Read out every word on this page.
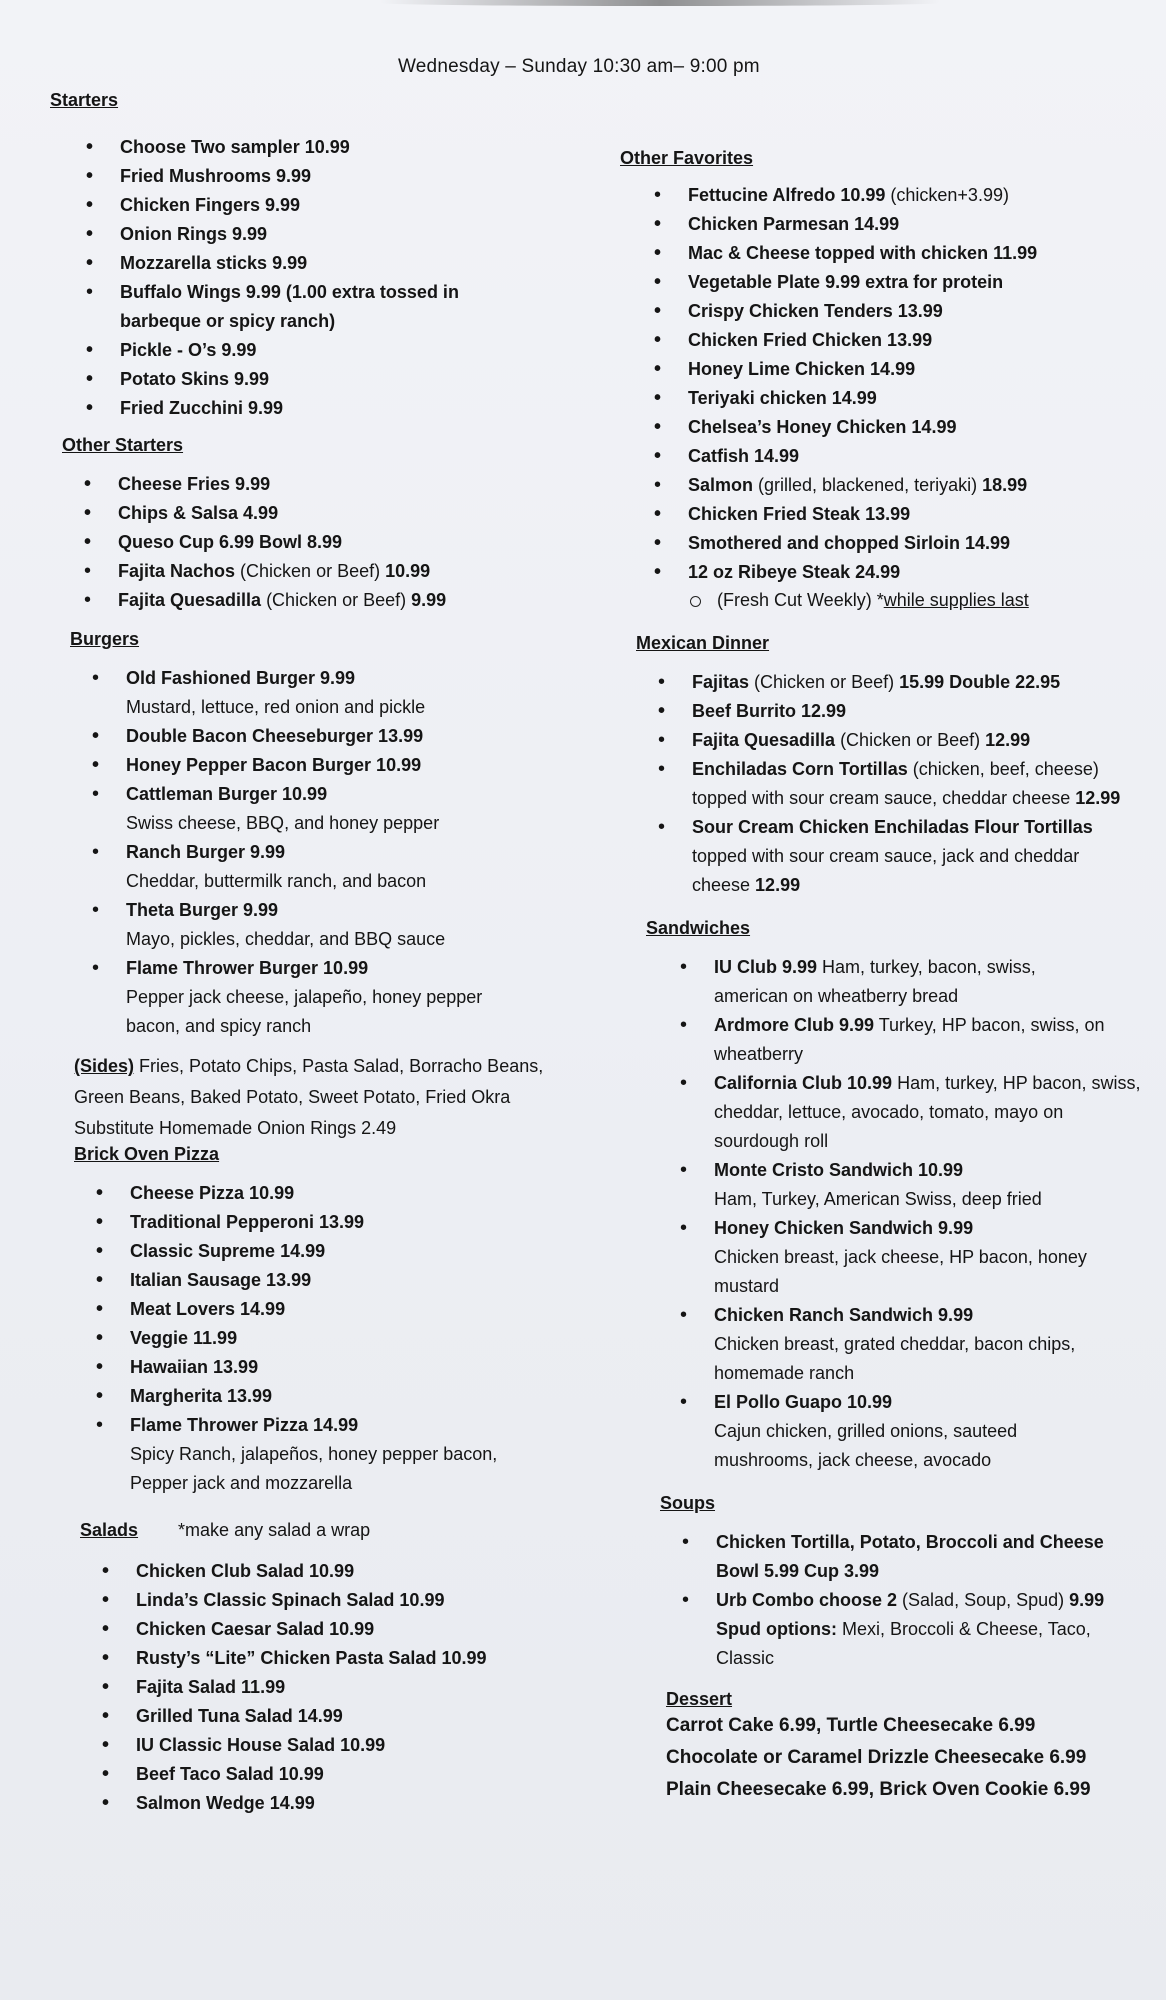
Wednesday – Sunday 10:30 am– 9:00 pm
Starters
• Choose Two sampler 10.99
• Fried Mushrooms 9.99
• Chicken Fingers 9.99
• Onion Rings 9.99
• Mozzarella sticks 9.99
• Buffalo Wings 9.99 (1.00 extra tossed in barbeque or spicy ranch)
• Pickle - O’s 9.99
• Potato Skins 9.99
• Fried Zucchini 9.99
Other Starters
• Cheese Fries 9.99
• Chips & Salsa 4.99
• Queso Cup 6.99 Bowl 8.99
• Fajita Nachos (Chicken or Beef) 10.99
• Fajita Quesadilla (Chicken or Beef) 9.99
Burgers
• Old Fashioned Burger 9.99
Mustard, lettuce, red onion and pickle
• Double Bacon Cheeseburger 13.99
• Honey Pepper Bacon Burger 10.99
• Cattleman Burger 10.99
Swiss cheese, BBQ, and honey pepper
• Ranch Burger 9.99
Cheddar, buttermilk ranch, and bacon
• Theta Burger 9.99
Mayo, pickles, cheddar, and BBQ sauce
• Flame Thrower Burger 10.99
Pepper jack cheese, jalapeño, honey pepper bacon, and spicy ranch

(Sides) Fries, Potato Chips, Pasta Salad, Borracho Beans, Green Beans, Baked Potato, Sweet Potato, Fried Okra

Substitute Homemade Onion Rings 2.49

Brick Oven Pizza
• Cheese Pizza 10.99
• Traditional Pepperoni 13.99
• Classic Supreme 14.99
• Italian Sausage 13.99
• Meat Lovers 14.99
• Veggie 11.99
• Hawaiian 13.99
• Margherita 13.99
• Flame Thrower Pizza 14.99
Spicy Ranch, jalapeños, honey pepper bacon, Pepper jack and mozzarella
Salads *make any salad a wrap
• Chicken Club Salad 10.99
• Linda’s Classic Spinach Salad 10.99
• Chicken Caesar Salad 10.99
• Rusty’s “Lite” Chicken Pasta Salad 10.99
• Fajita Salad 11.99
• Grilled Tuna Salad 14.99
• IU Classic House Salad 10.99
• Beef Taco Salad 10.99
• Salmon Wedge 14.99
Other Favorites
• Fettucine Alfredo 10.99 (chicken+3.99)
• Chicken Parmesan 14.99
• Mac & Cheese topped with chicken 11.99
• Vegetable Plate 9.99 extra for protein
• Crispy Chicken Tenders 13.99
• Chicken Fried Chicken 13.99
• Honey Lime Chicken 14.99
• Teriyaki chicken 14.99
• Chelsea’s Honey Chicken 14.99
• Catfish 14.99
• Salmon (grilled, blackened, teriyaki) 18.99
• Chicken Fried Steak 13.99
• Smothered and chopped Sirloin 14.99
• 12 oz Ribeye Steak 24.99
(Fresh Cut Weekly) *while supplies last
Mexican Dinner
• Fajitas (Chicken or Beef) 15.99 Double 22.95
• Beef Burrito 12.99
• Fajita Quesadilla (Chicken or Beef) 12.99
• Enchiladas Corn Tortillas (chicken, beef, cheese) topped with sour cream sauce, cheddar cheese 12.99
• Sour Cream Chicken Enchiladas Flour Tortillas topped with sour cream sauce, jack and cheddar cheese 12.99
Sandwiches
• IU Club 9.99 Ham, turkey, bacon, swiss, american on wheatberry bread
• Ardmore Club 9.99 Turkey, HP bacon, swiss, on wheatberry
• California Club 10.99 Ham, turkey, HP bacon, swiss, cheddar, lettuce, avocado, tomato, mayo on sourdough roll
• Monte Cristo Sandwich 10.99
Ham, Turkey, American Swiss, deep fried
• Honey Chicken Sandwich 9.99
Chicken breast, jack cheese, HP bacon, honey mustard
• Chicken Ranch Sandwich 9.99
Chicken breast, grated cheddar, bacon chips, homemade ranch
• El Pollo Guapo 10.99
Cajun chicken, grilled onions, sauteed mushrooms, jack cheese, avocado
Soups
• Chicken Tortilla, Potato, Broccoli and Cheese
Bowl 5.99 Cup 3.99
• Urb Combo choose 2 (Salad, Soup, Spud) 9.99
Spud options: Mexi, Broccoli & Cheese, Taco, Classic
Dessert
Carrot Cake 6.99, Turtle Cheesecake 6.99
Chocolate or Caramel Drizzle Cheesecake 6.99
Plain Cheesecake 6.99, Brick Oven Cookie 6.99
